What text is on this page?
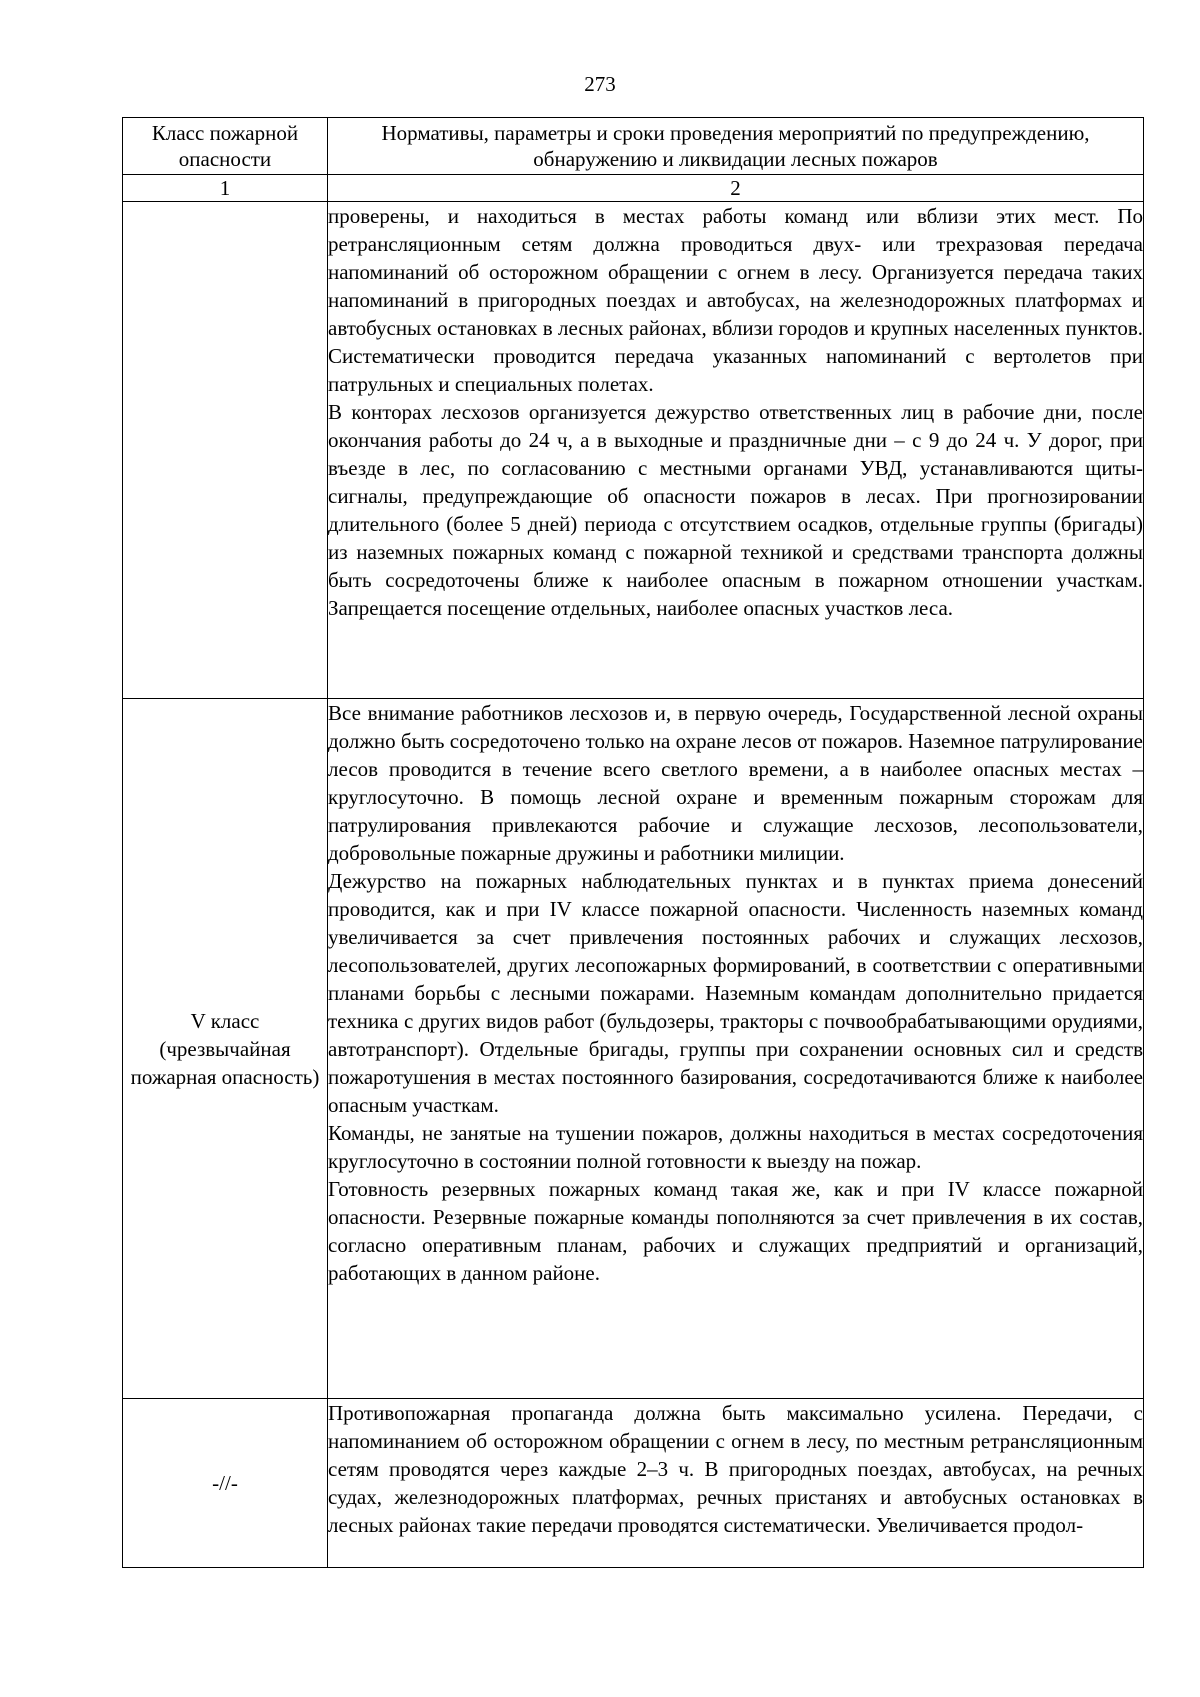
273
Класс пожарной опасности	Нормативы, параметры и сроки проведения мероприятий по предупреждению, обнаружению и ликвидации лесных пожаров
1	2

	проверены, и находиться в местах работы команд или вблизи этих мест. По ретрансляционным сетям должна проводиться двух- или трехразовая передача напоминаний об осторожном обращении с огнем в лесу. Организуется передача таких напоминаний в пригородных поездах и автобусах, на железнодорожных платформах и автобусных остановках в лесных районах, вблизи городов и крупных населенных пунктов. Систематически проводится передача указанных напоминаний с вертолетов при патрульных и специальных полетах.

В конторах лесхозов организуется дежурство ответственных лиц в рабочие дни, после окончания работы до 24 ч, а в выходные и праздничные дни – с 9 до 24 ч. У дорог, при въезде в лес, по согласованию с местными органами УВД, устанавливаются щиты-сигналы, предупреждающие об опасности пожаров в лесах. При прогнозировании длительного (более 5 дней) периода с отсутствием осадков, отдельные группы (бригады) из наземных пожарных команд с пожарной техникой и средствами транспорта должны быть сосредоточены ближе к наиболее опасным в пожарном отношении участкам. Запрещается посещение отдельных, наиболее опасных участков леса.

V класс (чрезвычайная пожарная опасность)	Все внимание работников лесхозов и, в первую очередь, Государственной лесной охраны должно быть сосредоточено только на охране лесов от пожаров. Наземное патрулирование лесов проводится в течение всего светлого времени, а в наиболее опасных местах – круглосуточно. В помощь лесной охране и временным пожарным сторожам для патрулирования привлекаются рабочие и служащие лесхозов, лесопользователи, добровольные пожарные дружины и работники милиции.

Дежурство на пожарных наблюдательных пунктах и в пунктах приема донесений проводится, как и при IV классе пожарной опасности. Численность наземных команд увеличивается за счет привлечения постоянных рабочих и служащих лесхозов, лесопользователей, других лесопожарных формирований, в соответствии с оперативными планами борьбы с лесными пожарами. Наземным командам дополнительно придается техника с других видов работ (бульдозеры, тракторы с почвообрабатывающими орудиями, автотранспорт). Отдельные бригады, группы при сохранении основных сил и средств пожаротушения в местах постоянного базирования, сосредотачиваются ближе к наиболее опасным участкам.

Команды, не занятые на тушении пожаров, должны находиться в местах сосредоточения круглосуточно в состоянии полной готовности к выезду на пожар.

Готовность резервных пожарных команд такая же, как и при IV классе пожарной опасности. Резервные пожарные команды пополняются за счет привлечения в их состав, согласно оперативным планам, рабочих и служащих предприятий и организаций, работающих в данном районе.

-//-	Противопожарная пропаганда должна быть максимально усилена. Передачи, с напоминанием об осторожном обращении с огнем в лесу, по местным ретрансляционным сетям проводятся через каждые 2–3 ч. В пригородных поездах, автобусах, на речных судах, железнодорожных платформах, речных пристанях и автобусных остановках в лесных районах такие передачи проводятся систематически. Увеличивается продол-
